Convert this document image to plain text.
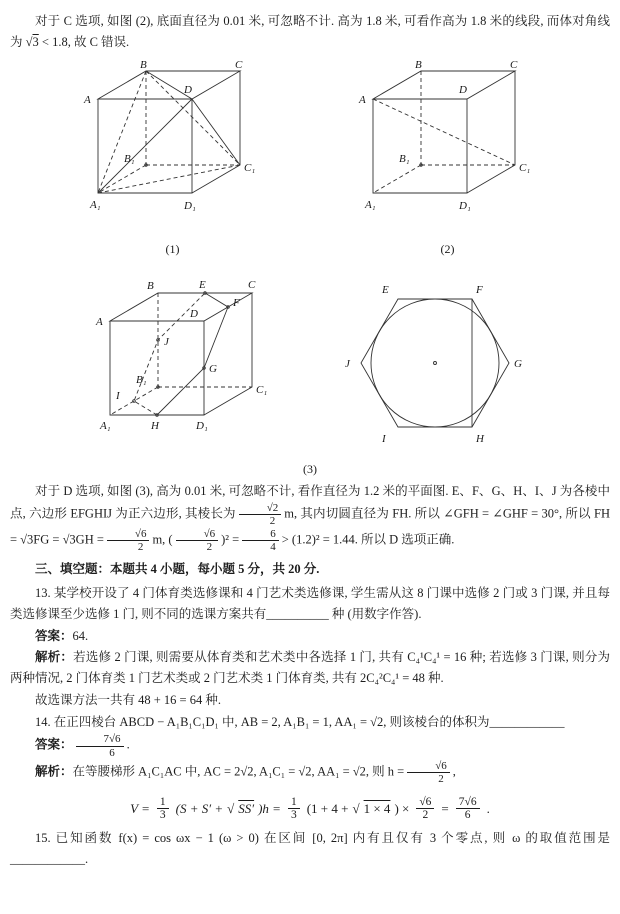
对于 C 选项, 如图 (2), 底面直径为 0.01 米, 可忽略不计. 高为 1.8 米, 可看作高为 1.8 米的线段, 而体对角线为 √3 < 1.8, 故 C 错误.

A
B	C
D
A₁
B₁
C₁
D₁
(1)
A
B	C
D
A₁
B₁
C₁
D₁
(2)
A
B	E	C
D
F
J
B₁
G
I	C₁
A₁	H	D₁
E	F
G
H
I
J
(3)

对于 D 选项, 如图 (3), 高为 0.01 米, 可忽略不计, 看作直径为 1.2 米的平面图. E、F、G、H、I、J 为各棱中点, 六边形 EFGHIJ 为正六边形, 其棱长为 $\frac{√2}{2} m$, 其内切圆直径为 FH. 所以 ∠GFH = ∠GHF = 30°, 所以 FH = $√3FG = √3GH = \frac{√6}{2} m$, ( $\frac{√6}{2} )^2 = \frac{6}{4} > (1.2)^2 = 1.44$. 所以 D 选项正确.

三、填空题：本题共 4 小题，每小题 5 分，共 20 分.

13. 某学校开设了 4 门体育类选修课和 4 门艺术类选修课, 学生需从这 8 门课中选修 2 门或 3 门课, 并且每类选修课至少选修 1 门, 则不同的选课方案共有__________ 种 (用数字作答).

答案：64.

解析：若选修 2 门课, 则需要从体育类和艺术类中各选择 1 门, 共有 C₄¹C₄¹ = 16 种; 若选修 3 门课, 则分为两种情况, 2 门体育类 1 门艺术类或 2 门艺术类 1 门体育类, 共有 2C₄²C₄¹ = 48 种.

故选课方法一共有 48 + 16 = 64 种.

14. 在正四棱台 ABCD − A₁B₁C₁D₁ 中, AB = 2, A₁B₁ = 1, AA₁ = √2, 则该棱台的体积为____________

答案： $\frac{7√6}{6}$ .

解析：在等腰梯形 A₁C₁AC 中, AC = 2√2, A₁C₁ = √2, AA₁ = √2, 则 $h = \frac{√6}{2}$ ,

$V = \frac{1}{3} (S + S'$ + √ SS′ )$h = \frac{1}{3} (1 + 4$ + √ 1 × 4 ) × $\frac{√6}{2} = \frac{7√6}{6}$ .

15. 已知函数 f(x) = cos ωx − 1 (ω > 0) 在区间 [0, 2π] 内有且仅有 3 个零点, 则 ω 的取值范围是____________.
